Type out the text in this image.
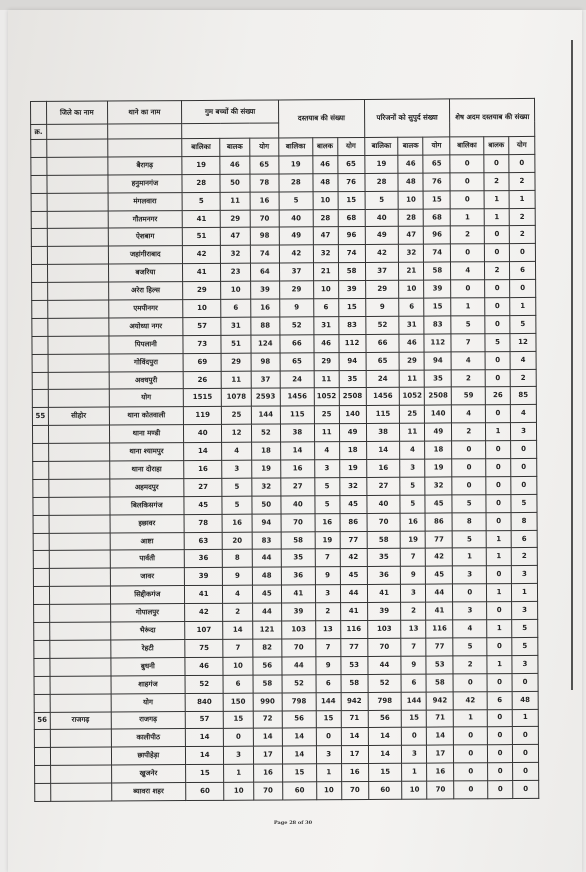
	जिले का नाम	थाने का नाम	गुम बच्चों की संख्या			दस्तयाब की संख्या			परिजनों को सुपुर्द संख्या			शेष अदम दस्तयाब की संख्या		
क्र.														
			बालिका	बालक	योग	बालिका	बालक	योग	बालिका	बालक	योग	बालिका	बालक	योग
		बैरागढ़	19	46	65	19	46	65	19	46	65	0	0	0
		हनुमानगंज	28	50	78	28	48	76	28	48	76	0	2	2
		मंगलवारा	5	11	16	5	10	15	5	10	15	0	1	1
		गौतमनगर	41	29	70	40	28	68	40	28	68	1	1	2
		ऐशबाग	51	47	98	49	47	96	49	47	96	2	0	2
		जहांगीराबाद	42	32	74	42	32	74	42	32	74	0	0	0
		बजरिया	41	23	64	37	21	58	37	21	58	4	2	6
		अरेरा हिल्स	29	10	39	29	10	39	29	10	39	0	0	0
		एमपीनगर	10	6	16	9	6	15	9	6	15	1	0	1
		अयोध्या नगर	57	31	88	52	31	83	52	31	83	5	0	5
		पिपलानी	73	51	124	66	46	112	66	46	112	7	5	12
		गोविंदपुरा	69	29	98	65	29	94	65	29	94	4	0	4
		अवधपुरी	26	11	37	24	11	35	24	11	35	2	0	2
		योग	1515	1078	2593	1456	1052	2508	1456	1052	2508	59	26	85
55	सीहोर	थाना कोतवाली	119	25	144	115	25	140	115	25	140	4	0	4
		थाना मण्डी	40	12	52	38	11	49	38	11	49	2	1	3
		थाना श्यामपुर	14	4	18	14	4	18	14	4	18	0	0	0
		थाना दोराहा	16	3	19	16	3	19	16	3	19	0	0	0
		अहमदपुर	27	5	32	27	5	32	27	5	32	0	0	0
		बिलकिसगंज	45	5	50	40	5	45	40	5	45	5	0	5
		इछावर	78	16	94	70	16	86	70	16	86	8	0	8
		आष्टा	63	20	83	58	19	77	58	19	77	5	1	6
		पार्वती	36	8	44	35	7	42	35	7	42	1	1	2
		जावर	39	9	48	36	9	45	36	9	45	3	0	3
		सिद्दीकगंज	41	4	45	41	3	44	41	3	44	0	1	1
		गोपालपुर	42	2	44	39	2	41	39	2	41	3	0	3
		भैरूंदा	107	14	121	103	13	116	103	13	116	4	1	5
		रेहटी	75	7	82	70	7	77	70	7	77	5	0	5
		बुधनी	46	10	56	44	9	53	44	9	53	2	1	3
		शाहगंज	52	6	58	52	6	58	52	6	58	0	0	0
		योग	840	150	990	798	144	942	798	144	942	42	6	48
56	राजगढ़	राजगढ़	57	15	72	56	15	71	56	15	71	1	0	1
		कालीपीठ	14	0	14	14	0	14	14	0	14	0	0	0
		छापीहेड़ा	14	3	17	14	3	17	14	3	17	0	0	0
		खुजनेर	15	1	16	15	1	16	15	1	16	0	0	0
		ब्यावरा शहर	60	10	70	60	10	70	60	10	70	0	0	0
Page 28 of 30
